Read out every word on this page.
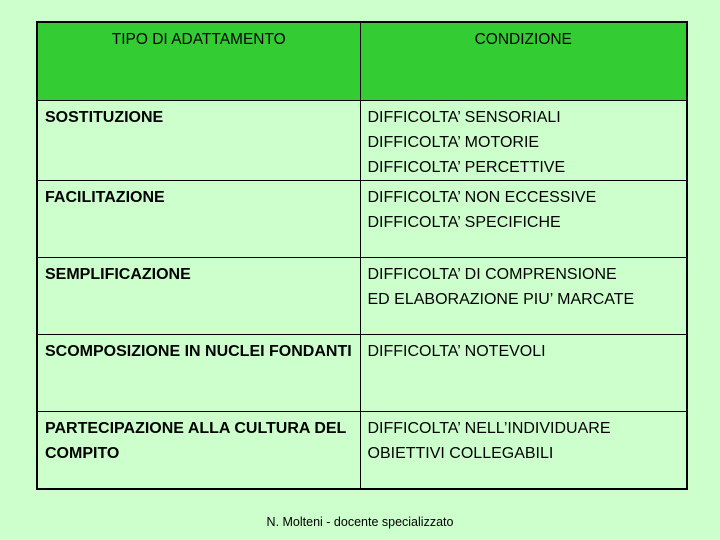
TIPO DI ADATTAMENTO	CONDIZIONE
SOSTITUZIONE	DIFFICOLTA’ SENSORIALI
DIFFICOLTA’ MOTORIE
DIFFICOLTA’ PERCETTIVE

FACILITAZIONE	DIFFICOLTA’ NON ECCESSIVE
DIFFICOLTA’ SPECIFICHE

SEMPLIFICAZIONE	DIFFICOLTA’ DI COMPRENSIONE
ED ELABORAZIONE PIU’ MARCATE

SCOMPOSIZIONE IN NUCLEI FONDANTI	DIFFICOLTA’ NOTEVOLI

PARTECIPAZIONE ALLA CULTURA DEL COMPITO	DIFFICOLTA’ NELL’INDIVIDUARE
OBIETTIVI COLLEGABILI
N. Molteni - docente specializzato
